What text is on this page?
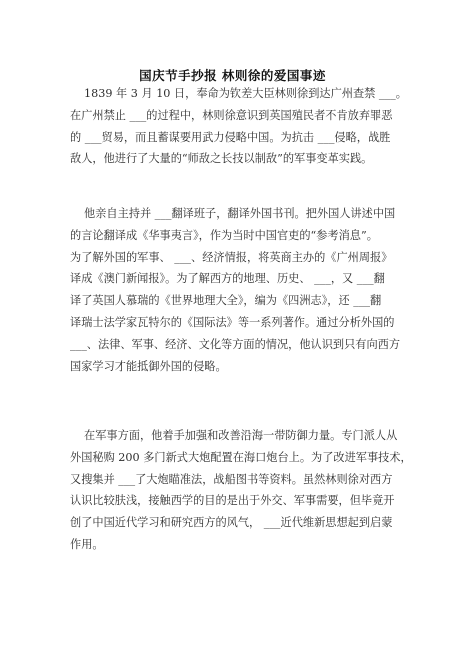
国庆节手抄报 林则徐的爱国事迹
1839 年 3 月 10 日，奉命为钦差大臣林则徐到达广州查禁 ___。
在广州禁止 ___的过程中，林则徐意识到英国殖民者不肯放弃罪恶
的 ___贸易，而且蓄谋要用武力侵略中国。为抗击 ___侵略，战胜
敌人，他进行了大量的“师敌之长技以制敌”的军事变革实践。
他亲自主持并 ___翻译班子，翻译外国书刊。把外国人讲述中国
的言论翻译成《华事夷言》，作为当时中国官吏的“参考消息”。
为了解外国的军事、 ___、经济情报，将英商主办的《广州周报》
译成《澳门新闻报》。为了解西方的地理、历史、 ___，又 ___翻
译了英国人慕瑞的《世界地理大全》，编为《四洲志》，还 ___翻
译瑞士法学家瓦特尔的《国际法》等一系列著作。通过分析外国的
___、法律、军事、经济、文化等方面的情况，他认识到只有向西方
国家学习才能抵御外国的侵略。
在军事方面，他着手加强和改善沿海一带防御力量。专门派人从
外国秘购 200 多门新式大炮配置在海口炮台上。为了改进军事技术，
又搜集并 ___了大炮瞄准法，战船图书等资料。虽然林则徐对西方
认识比较肤浅，接触西学的目的是出于外交、军事需要，但毕竟开
创了中国近代学习和研究西方的风气， ___近代维新思想起到启蒙
作用。
